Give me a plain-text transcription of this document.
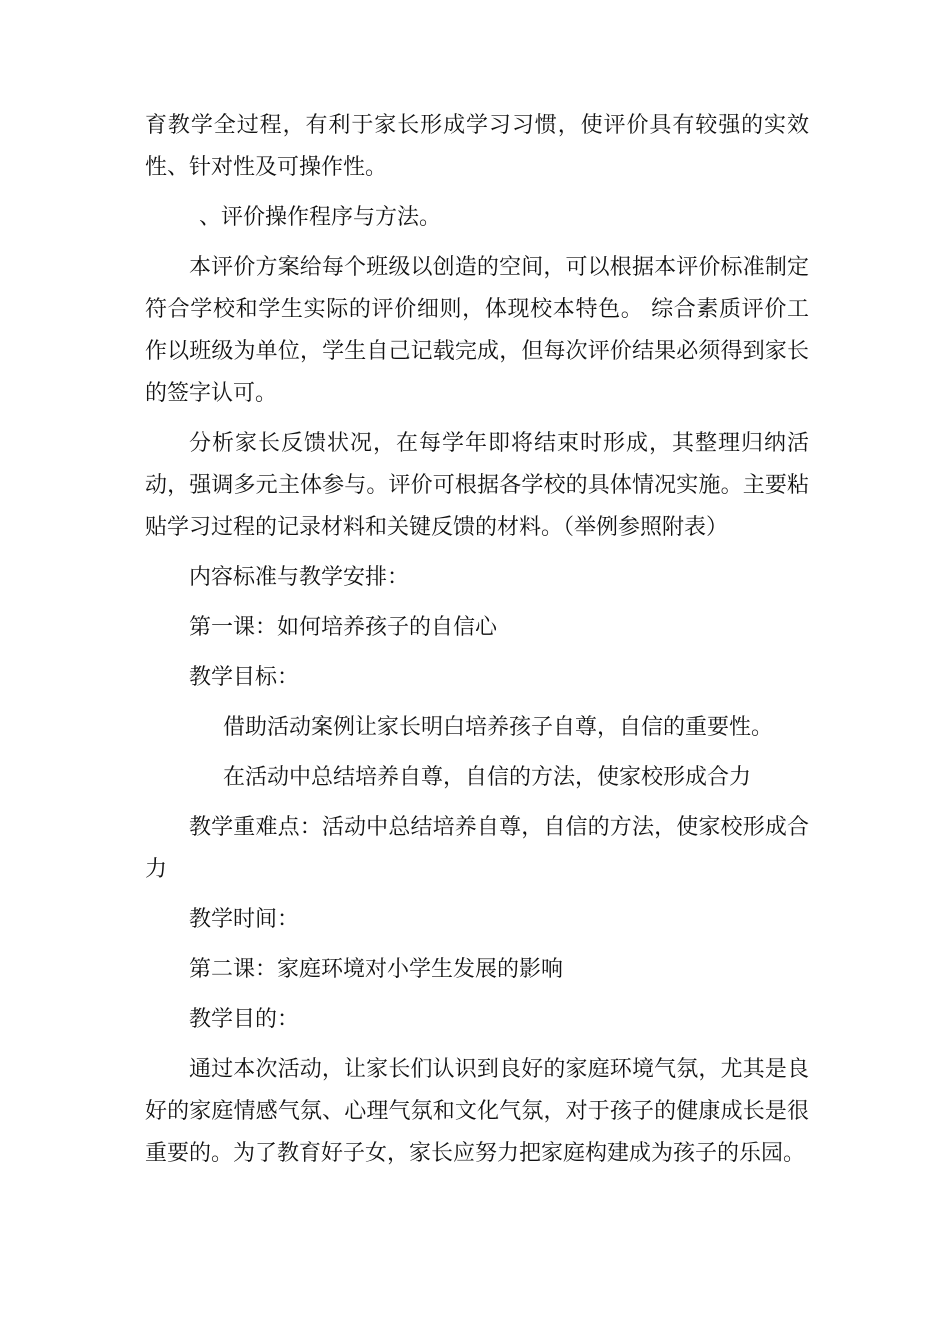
育教学全过程，有利于家长形成学习习惯，使评价具有较强的实效性、针对性及可操作性。

、评价操作程序与方法。

本评价方案给每个班级以创造的空间，可以根据本评价标准制定符合学校和学生实际的评价细则，体现校本特色。 综合素质评价工作以班级为单位，学生自己记载完成，但每次评价结果必须得到家长的签字认可。

分析家长反馈状况，在每学年即将结束时形成，其整理归纳活动，强调多元主体参与。评价可根据各学校的具体情况实施。主要粘贴学习过程的记录材料和关键反馈的材料。（举例参照附表）

内容标准与教学安排：

第一课：如何培养孩子的自信心

教学目标：

借助活动案例让家长明白培养孩子自尊，自信的重要性。

在活动中总结培养自尊，自信的方法，使家校形成合力

教学重难点：活动中总结培养自尊，自信的方法，使家校形成合力

教学时间：

第二课：家庭环境对小学生发展的影响

教学目的：

通过本次活动，让家长们认识到良好的家庭环境气氛，尤其是良好的家庭情感气氛、心理气氛和文化气氛，对于孩子的健康成长是很重要的。为了教育好子女，家长应努力把家庭构建成为孩子的乐园。
